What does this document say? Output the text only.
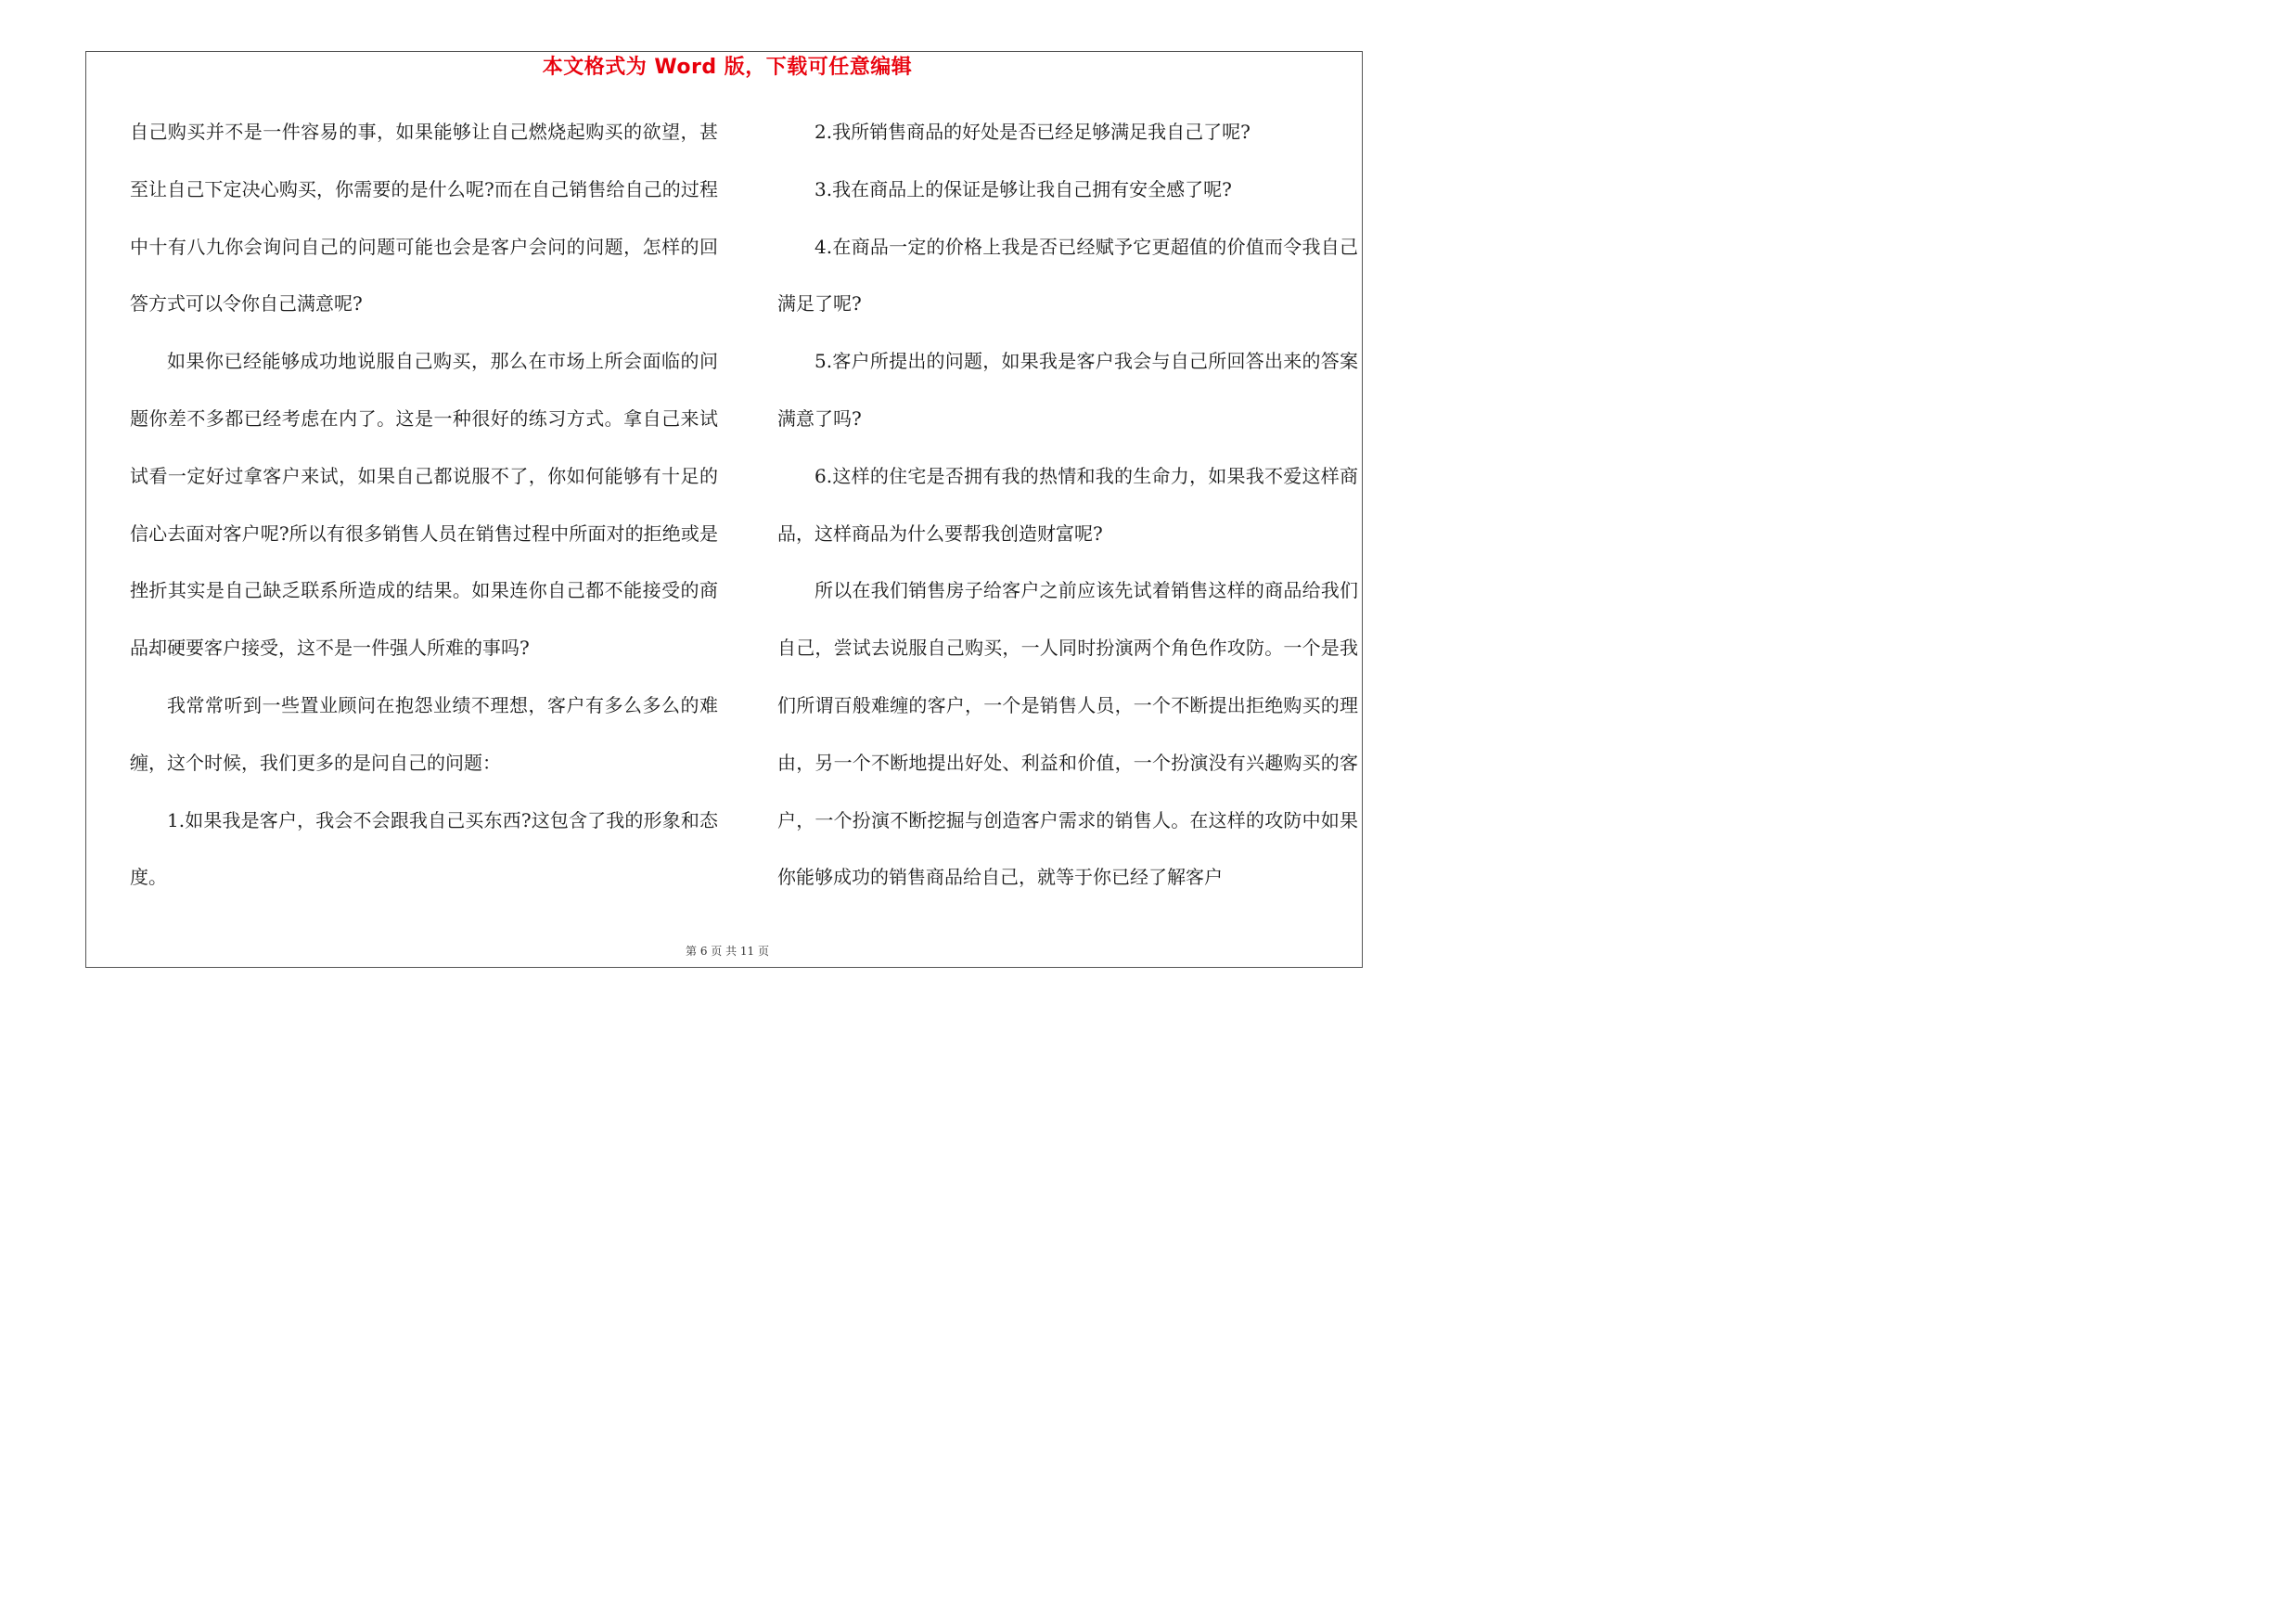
本文格式为 Word 版，下载可任意编辑

自己购买并不是一件容易的事，如果能够让自己燃烧起购买的欲望，甚至让自己下定决心购买，你需要的是什么呢?而在自己销售给自己的过程中十有八九你会询问自己的问题可能也会是客户会问的问题，怎样的回答方式可以令你自己满意呢?

如果你已经能够成功地说服自己购买，那么在市场上所会面临的问题你差不多都已经考虑在内了。这是一种很好的练习方式。拿自己来试试看一定好过拿客户来试，如果自己都说服不了，你如何能够有十足的信心去面对客户呢?所以有很多销售人员在销售过程中所面对的拒绝或是挫折其实是自己缺乏联系所造成的结果。如果连你自己都不能接受的商品却硬要客户接受，这不是一件强人所难的事吗?

我常常听到一些置业顾问在抱怨业绩不理想，客户有多么多么的难缠，这个时候，我们更多的是问自己的问题：

1.如果我是客户，我会不会跟我自己买东西?这包含了我的形象和态度。

2.我所销售商品的好处是否已经足够满足我自己了呢?

3.我在商品上的保证是够让我自己拥有安全感了呢?

4.在商品一定的价格上我是否已经赋予它更超值的价值而令我自己满足了呢?

5.客户所提出的问题，如果我是客户我会与自己所回答出来的答案满意了吗?

6.这样的住宅是否拥有我的热情和我的生命力，如果我不爱这样商品，这样商品为什么要帮我创造财富呢?

所以在我们销售房子给客户之前应该先试着销售这样的商品给我们自己，尝试去说服自己购买，一人同时扮演两个角色作攻防。一个是我们所谓百般难缠的客户，一个是销售人员，一个不断提出拒绝购买的理由，另一个不断地提出好处、利益和价值，一个扮演没有兴趣购买的客户，一个扮演不断挖掘与创造客户需求的销售人。在这样的攻防中如果你能够成功的销售商品给自己，就等于你已经了解客户

第 6 页 共 11 页
